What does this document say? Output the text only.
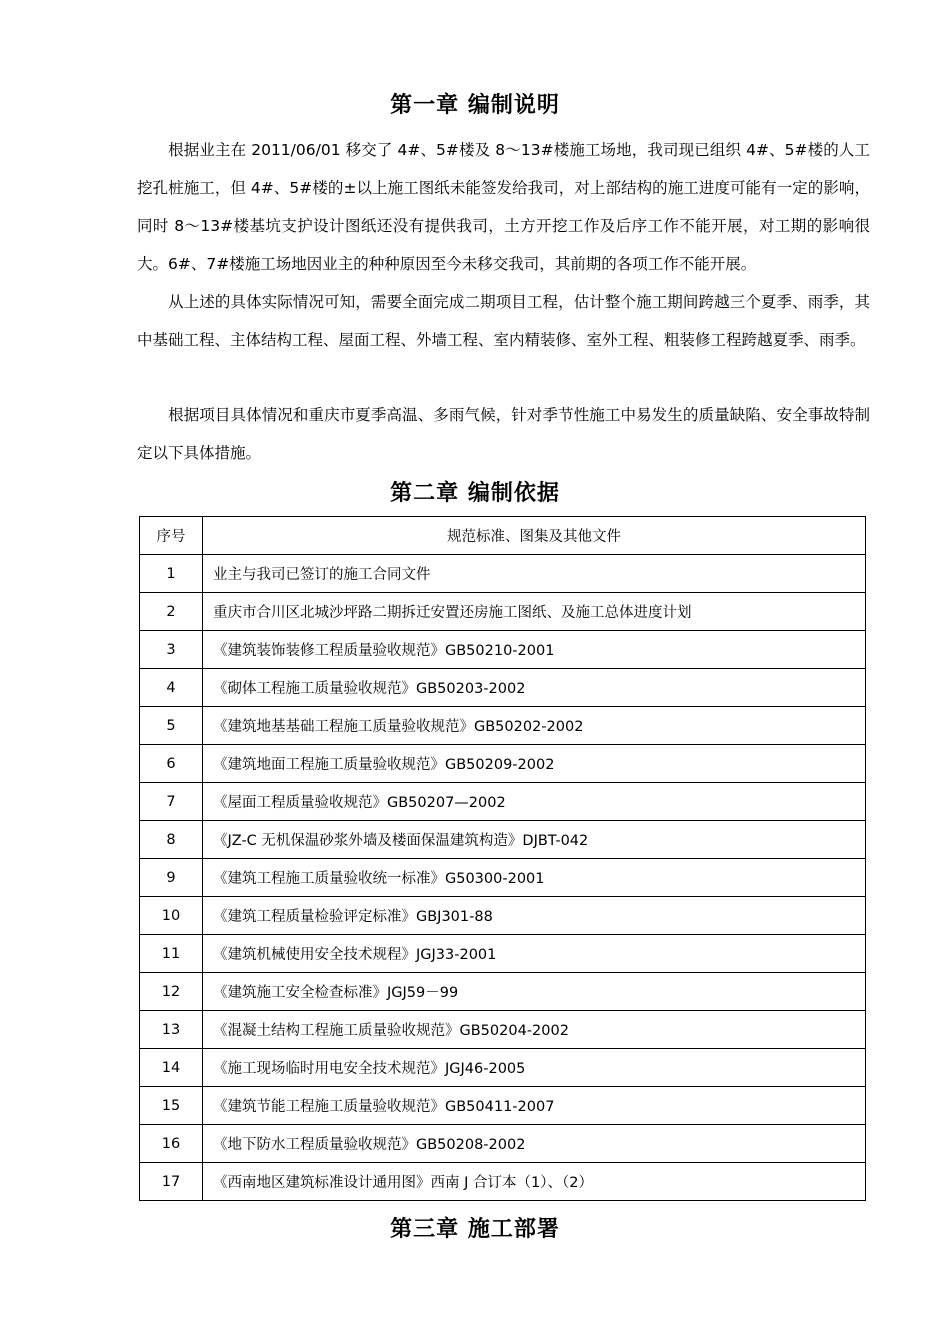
第一章 编制说明

根据业主在 2011/06/01 移交了 4#、5#楼及 8～13#楼施工场地，我司现已组织 4#、5#楼的人工挖孔桩施工，但 4#、5#楼的±以上施工图纸未能签发给我司，对上部结构的施工进度可能有一定的影响，同时 8～13#楼基坑支护设计图纸还没有提供我司，土方开挖工作及后序工作不能开展，对工期的影响很大。6#、7#楼施工场地因业主的种种原因至今未移交我司，其前期的各项工作不能开展。

从上述的具体实际情况可知，需要全面完成二期项目工程，估计整个施工期间跨越三个夏季、雨季，其中基础工程、主体结构工程、屋面工程、外墙工程、室内精装修、室外工程、粗装修工程跨越夏季、雨季。

根据项目具体情况和重庆市夏季高温、多雨气候，针对季节性施工中易发生的质量缺陷、安全事故特制定以下具体措施。

第二章 编制依据
序号	规范标准、图集及其他文件
1	业主与我司已签订的施工合同文件
2	重庆市合川区北城沙坪路二期拆迁安置还房施工图纸、及施工总体进度计划
3	《建筑装饰装修工程质量验收规范》GB50210-2001
4	《砌体工程施工质量验收规范》GB50203-2002
5	《建筑地基基础工程施工质量验收规范》GB50202-2002
6	《建筑地面工程施工质量验收规范》GB50209-2002
7	《屋面工程质量验收规范》GB50207—2002
8	《JZ-C 无机保温砂浆外墙及楼面保温建筑构造》DJBT-042
9	《建筑工程施工质量验收统一标准》G50300-2001
10	《建筑工程质量检验评定标准》GBJ301-88
11	《建筑机械使用安全技术规程》JGJ33-2001
12	《建筑施工安全检查标准》JGJ59－99
13	《混凝土结构工程施工质量验收规范》GB50204-2002
14	《施工现场临时用电安全技术规范》JGJ46-2005
15	《建筑节能工程施工质量验收规范》GB50411-2007
16	《地下防水工程质量验收规范》GB50208-2002
17	《西南地区建筑标准设计通用图》西南 J 合订本（1）、（2）
第三章 施工部署
